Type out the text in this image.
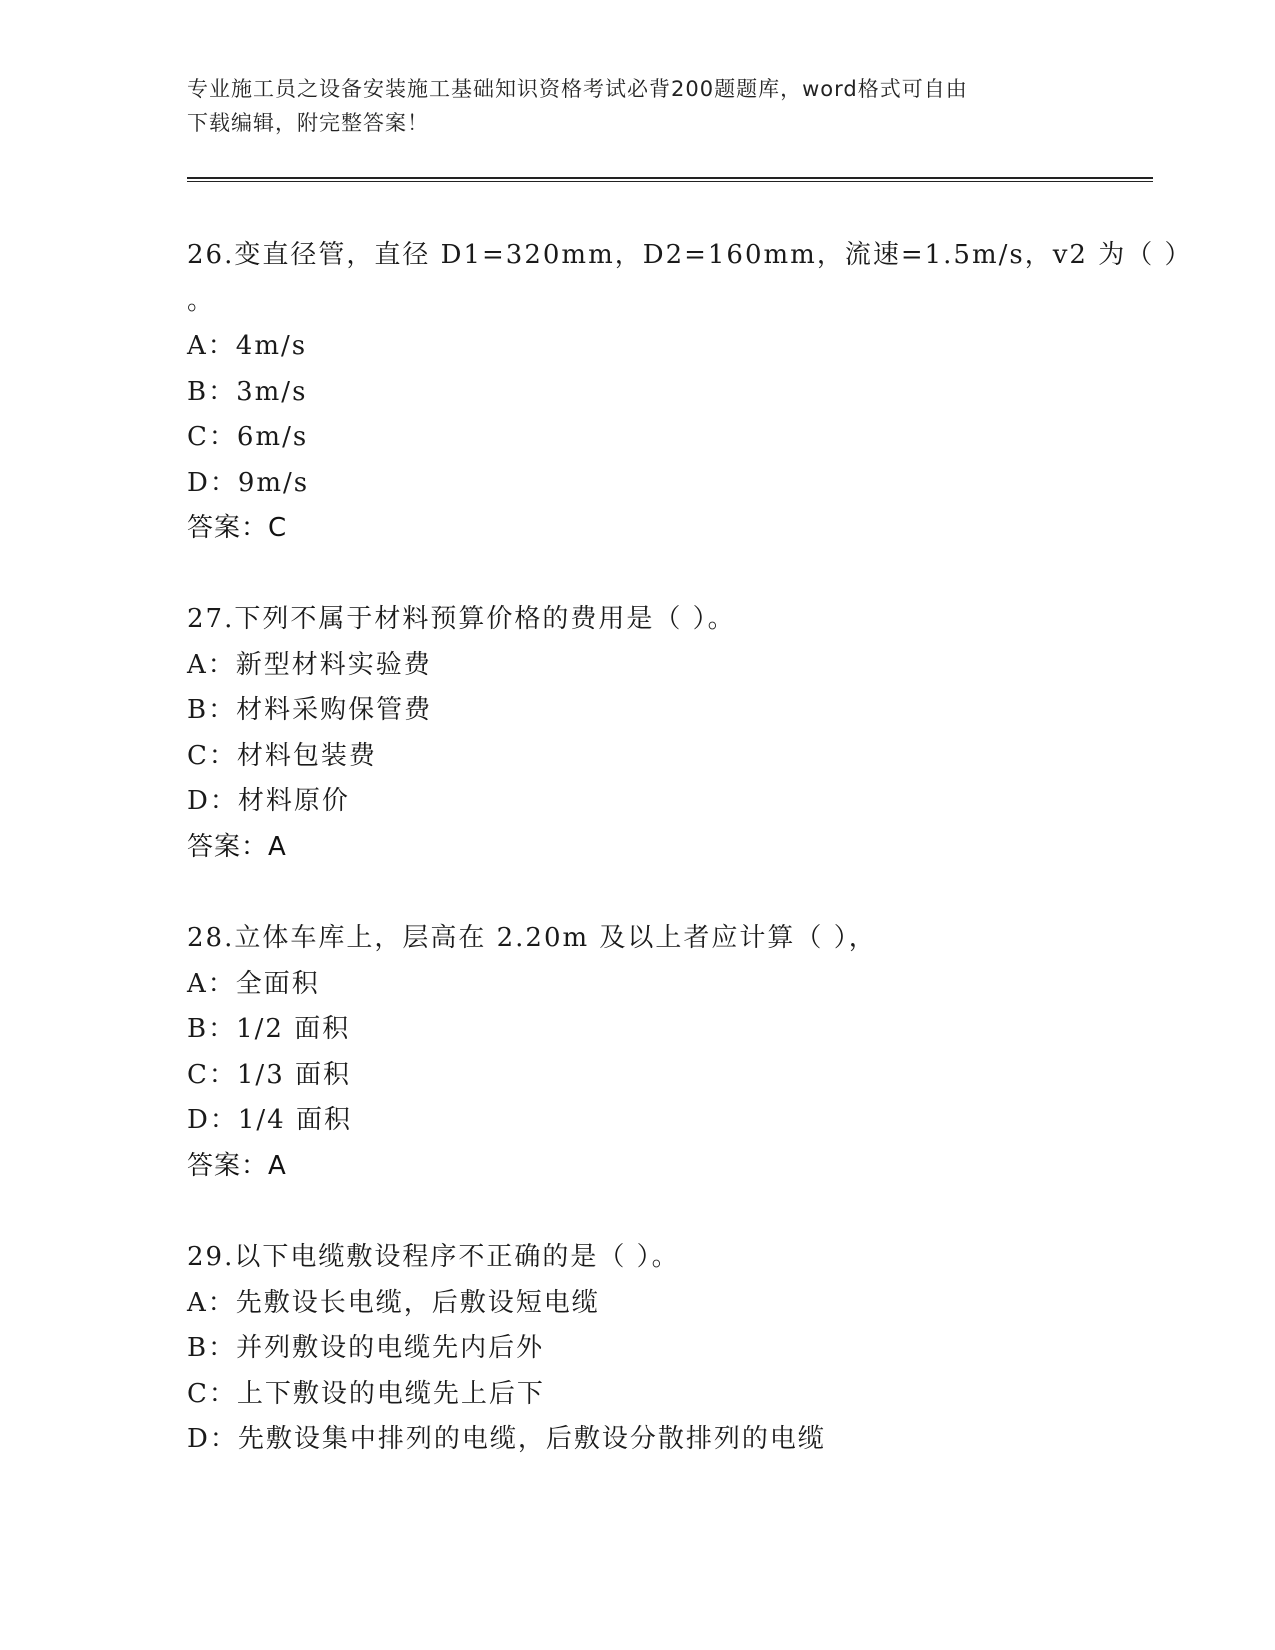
专业施工员之设备安装施工基础知识资格考试必背200题题库，word格式可自由
下载编辑，附完整答案！
26.变直径管，直径 D1=320mm，D2=160mm，流速=1.5m/s，v2 为（ ）
。
A：4m/s
B：3m/s
C：6m/s
D：9m/s
答案：C
27.下列不属于材料预算价格的费用是（ ）。
A：新型材料实验费
B：材料采购保管费
C：材料包装费
D：材料原价
答案：A
28.立体车库上，层高在 2.20m 及以上者应计算（ ），
A：全面积
B：1/2 面积
C：1/3 面积
D：1/4 面积
答案：A
29.以下电缆敷设程序不正确的是（ ）。
A：先敷设长电缆，后敷设短电缆
B：并列敷设的电缆先内后外
C：上下敷设的电缆先上后下
D：先敷设集中排列的电缆，后敷设分散排列的电缆
